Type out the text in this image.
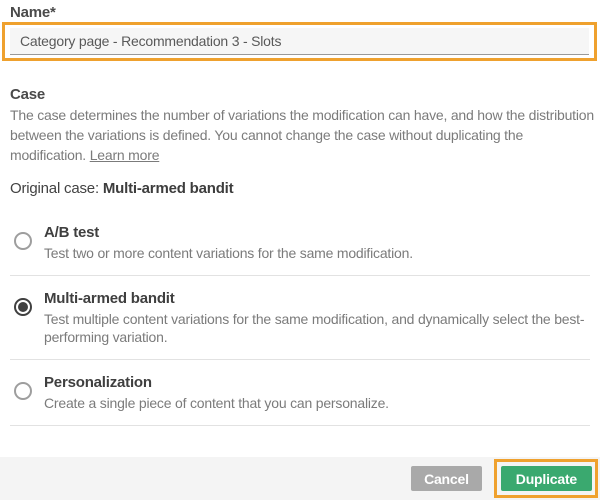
Name*
Category page - Recommendation 3 - Slots
Case
The case determines the number of variations the modification can have, and how the distribution between the variations is defined. You cannot change the case without duplicating the modification. Learn more
Original case: Multi-armed bandit
A/B test
Test two or more content variations for the same modification.
Multi-armed bandit
Test multiple content variations for the same modification, and dynamically select the best-performing variation.
Personalization
Create a single piece of content that you can personalize.
Cancel	Duplicate
